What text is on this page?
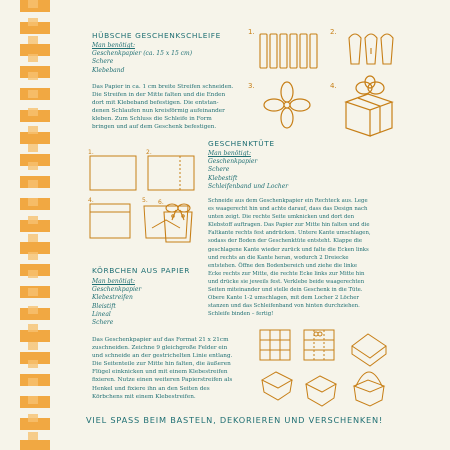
HÜBSCHE GESCHENKSCHLEIFE
Man benötigt:
Geschenkpapier (ca. 15 x 15 cm)
Schere
Klebeband
Das Papier in ca. 1 cm breite Streifen schneiden.
Die Streifen in der Mitte falten und die Enden
dort mit Klebeband befestigen. Die entstan-
denen Schlaufen nun kreisförmig aufeinander
kleben. Zum Schluss die Schleife in Form
bringen und auf dem Geschenk befestigen.
1.	2.
3.	4.
GESCHENKTÜTE
Man benötigt:
Geschenkpapier
Schere
Klebestift
Schleifenband und Locher
Schneide aus dem Geschenkpapier ein Rechteck aus. Lege
es waagerecht hin und achte darauf, dass das Design nach
unten zeigt. Die rechte Seite umknicken und dort den
Klebstoff auftragen. Das Papier zur Mitte hin falten und die
Faltkante rechts fest andrücken. Untere Kante umschlagen,
sodass der Boden der Geschenktüte entsteht. Klappe die
geschlagene Kante wieder zurück und falte die Ecken links
und rechts an die Kante heran, wodurch 2 Dreiecke
entstehen. Öffne den Bodenbereich und ziehe die linke
Ecke rechts zur Mitte, die rechte Ecke links zur Mitte hin
und drücke sie jeweils fest. Verklebe beide waagerechten
Seiten miteinander und stelle dein Geschenk in die Tüte.
Obere Kante 1-2 umschlagen, mit dem Locher 2 Löcher
stanzen und das Schleifenband von hinten durchziehen.
Schleife binden – fertig!
1.	2.
4.	5. 6.
KÖRBCHEN AUS PAPIER
Man benötigt:
Geschenkpapier
Klebestreifen
Bleistift
Lineal
Schere
Das Geschenkpapier auf das Format 21 x 21cm
zuschneiden. Zeichne 9 gleichgroße Felder ein
und schneide an der gestrichelten Linie entlang.
Die Seitenteile zur Mitte hin falten, die äußeren
Flügel einknicken und mit einem Klebestreifen
fixieren. Nutze einen weiteren Papierstreifen als
Henkel und fixiere ihn an den Seiten des
Körbchens mit einem Klebestreifen.
VIEL SPASS BEIM BASTELN, DEKORIEREN UND VERSCHENKEN!
